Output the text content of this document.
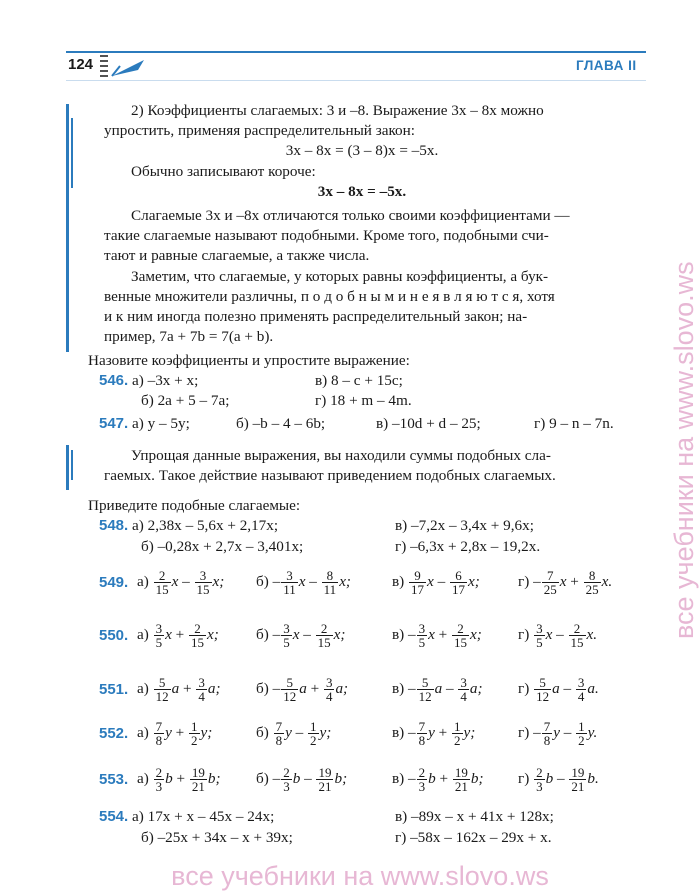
124	ГЛАВА II
2) Коэффициенты слагаемых: 3 и –8. Выражение 3x – 8x можно
упростить, применяя распределительный закон:
3x – 8x = (3 – 8)x = –5x.
Обычно записывают короче:
3x – 8x = –5x.
Слагаемые 3x и –8x отличаются только своими коэффициентами —
такие слагаемые называют подобными. Кроме того, подобными счи-
тают и равные слагаемые, а также числа.
Заметим, что слагаемые, у которых равны коэффициенты, а бук-
венные множители различны, п о д о б н ы м и н е я в л я ю т с я, хотя
и к ним иногда полезно применять распределительный закон; на-
пример, 7a + 7b = 7(a + b).
Назовите коэффициенты и упростите выражение:
546. а) –3x + x;	в) 8 – c + 15c;
б) 2a + 5 – 7a;	г) 18 + m – 4m.
547. а) y – 5y;	б) –b – 4 – 6b;	в) –10d + d – 25;	г) 9 – n – 7n.
Упрощая данные выражения, вы находили суммы подобных сла-
гаемых. Такое действие называют приведением подобных слагаемых.
Приведите подобные слагаемые:
548. а) 2,38x – 5,6x + 2,17x;	в) –7,2x – 3,4x + 9,6x;
б) –0,28x + 2,7x – 3,401x;	г) –6,3x + 2,8x – 19,2x.
549. $а) \frac{2}{15}$ x – $\frac{3}{15} x$; $б) - \frac{3}{11}$ x – $\frac{8}{11} x$;	$в) \frac{9}{17}$ x – $\frac{6}{17} x$;	$г) - \frac{7}{25}$ $x + \frac{8}{25} x$.
550. $а) \frac{3}{5}$ $x + \frac{2}{15} x$; $б) - \frac{3}{5}$ x – $\frac{2}{15} x$;	$в) - \frac{3}{5}$ $x + \frac{2}{15} x$; $г) \frac{3}{5}$ x – $\frac{2}{15} x$.
551. $а) \frac{5}{12}$ $a + \frac{3}{4} a$; $б) - \frac{5}{12}$ $a + \frac{3}{4} a$;	$в) - \frac{5}{12}$ a – $\frac{3}{4} a$; $г) \frac{5}{12}$ a – $\frac{3}{4} a$.
552. $а) \frac{7}{8}$ $y + \frac{1}{2} y$;	$б) \frac{7}{8}$ y – $\frac{1}{2} y$;	$в) - \frac{7}{8}$ $y + \frac{1}{2} y$;	$г) - \frac{7}{8}$ y – $\frac{1}{2} y$.
553. $а) \frac{2}{3}$ $b + \frac{19}{21} b$; $б) - \frac{2}{3}$ b – $\frac{19}{21} b$;	$в) - \frac{2}{3}$ $b + \frac{19}{21} b$; $г) \frac{2}{3}$ b – $\frac{19}{21} b$.
554. а) 17x + x – 45x – 24x;	в) –89x – x + 41x + 128x;
б) –25x + 34x – x + 39x;	г) –58x – 162x – 29x + x.
все учебники на www.slovo.ws
все учебники на www.slovo.ws
